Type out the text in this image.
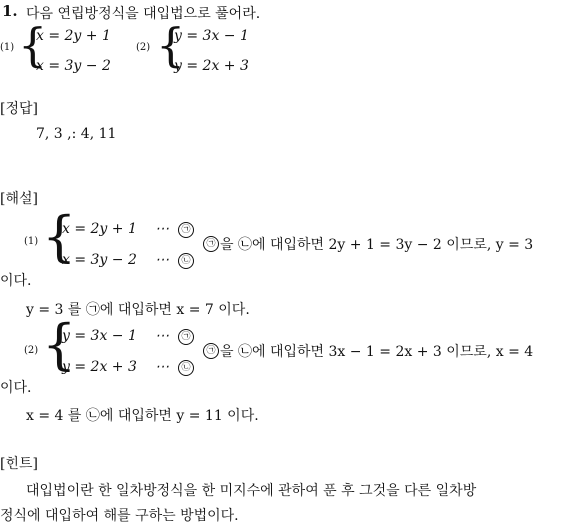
1. 다음 연립방정식을 대입법으로 풀어라.
(1) {
x = 2y + 1
x = 3y − 2
(2) {
y = 3x − 1
y = 2x + 3
[정답]
7, 3 ,: 4, 11
[해설]
(1) {
x = 2y + 1 ⋯	㉠
x = 3y − 2 ⋯	㉡
㉠ 을 ㉡에 대입하면 2y + 1 = 3y − 2 이므로, y = 3
이다.
y = 3 를 ㉠에 대입하면 x = 7 이다.
(2) {
y = 3x − 1 ⋯	㉠
y = 2x + 3 ⋯	㉡
㉠ 을 ㉡에 대입하면 3x − 1 = 2x + 3 이므로, x = 4
이다.
x = 4 를 ㉡에 대입하면 y = 11 이다.
[힌트]
대입법이란 한 일차방정식을 한 미지수에 관하여 푼 후 그것을 다른 일차방
정식에 대입하여 해를 구하는 방법이다.
